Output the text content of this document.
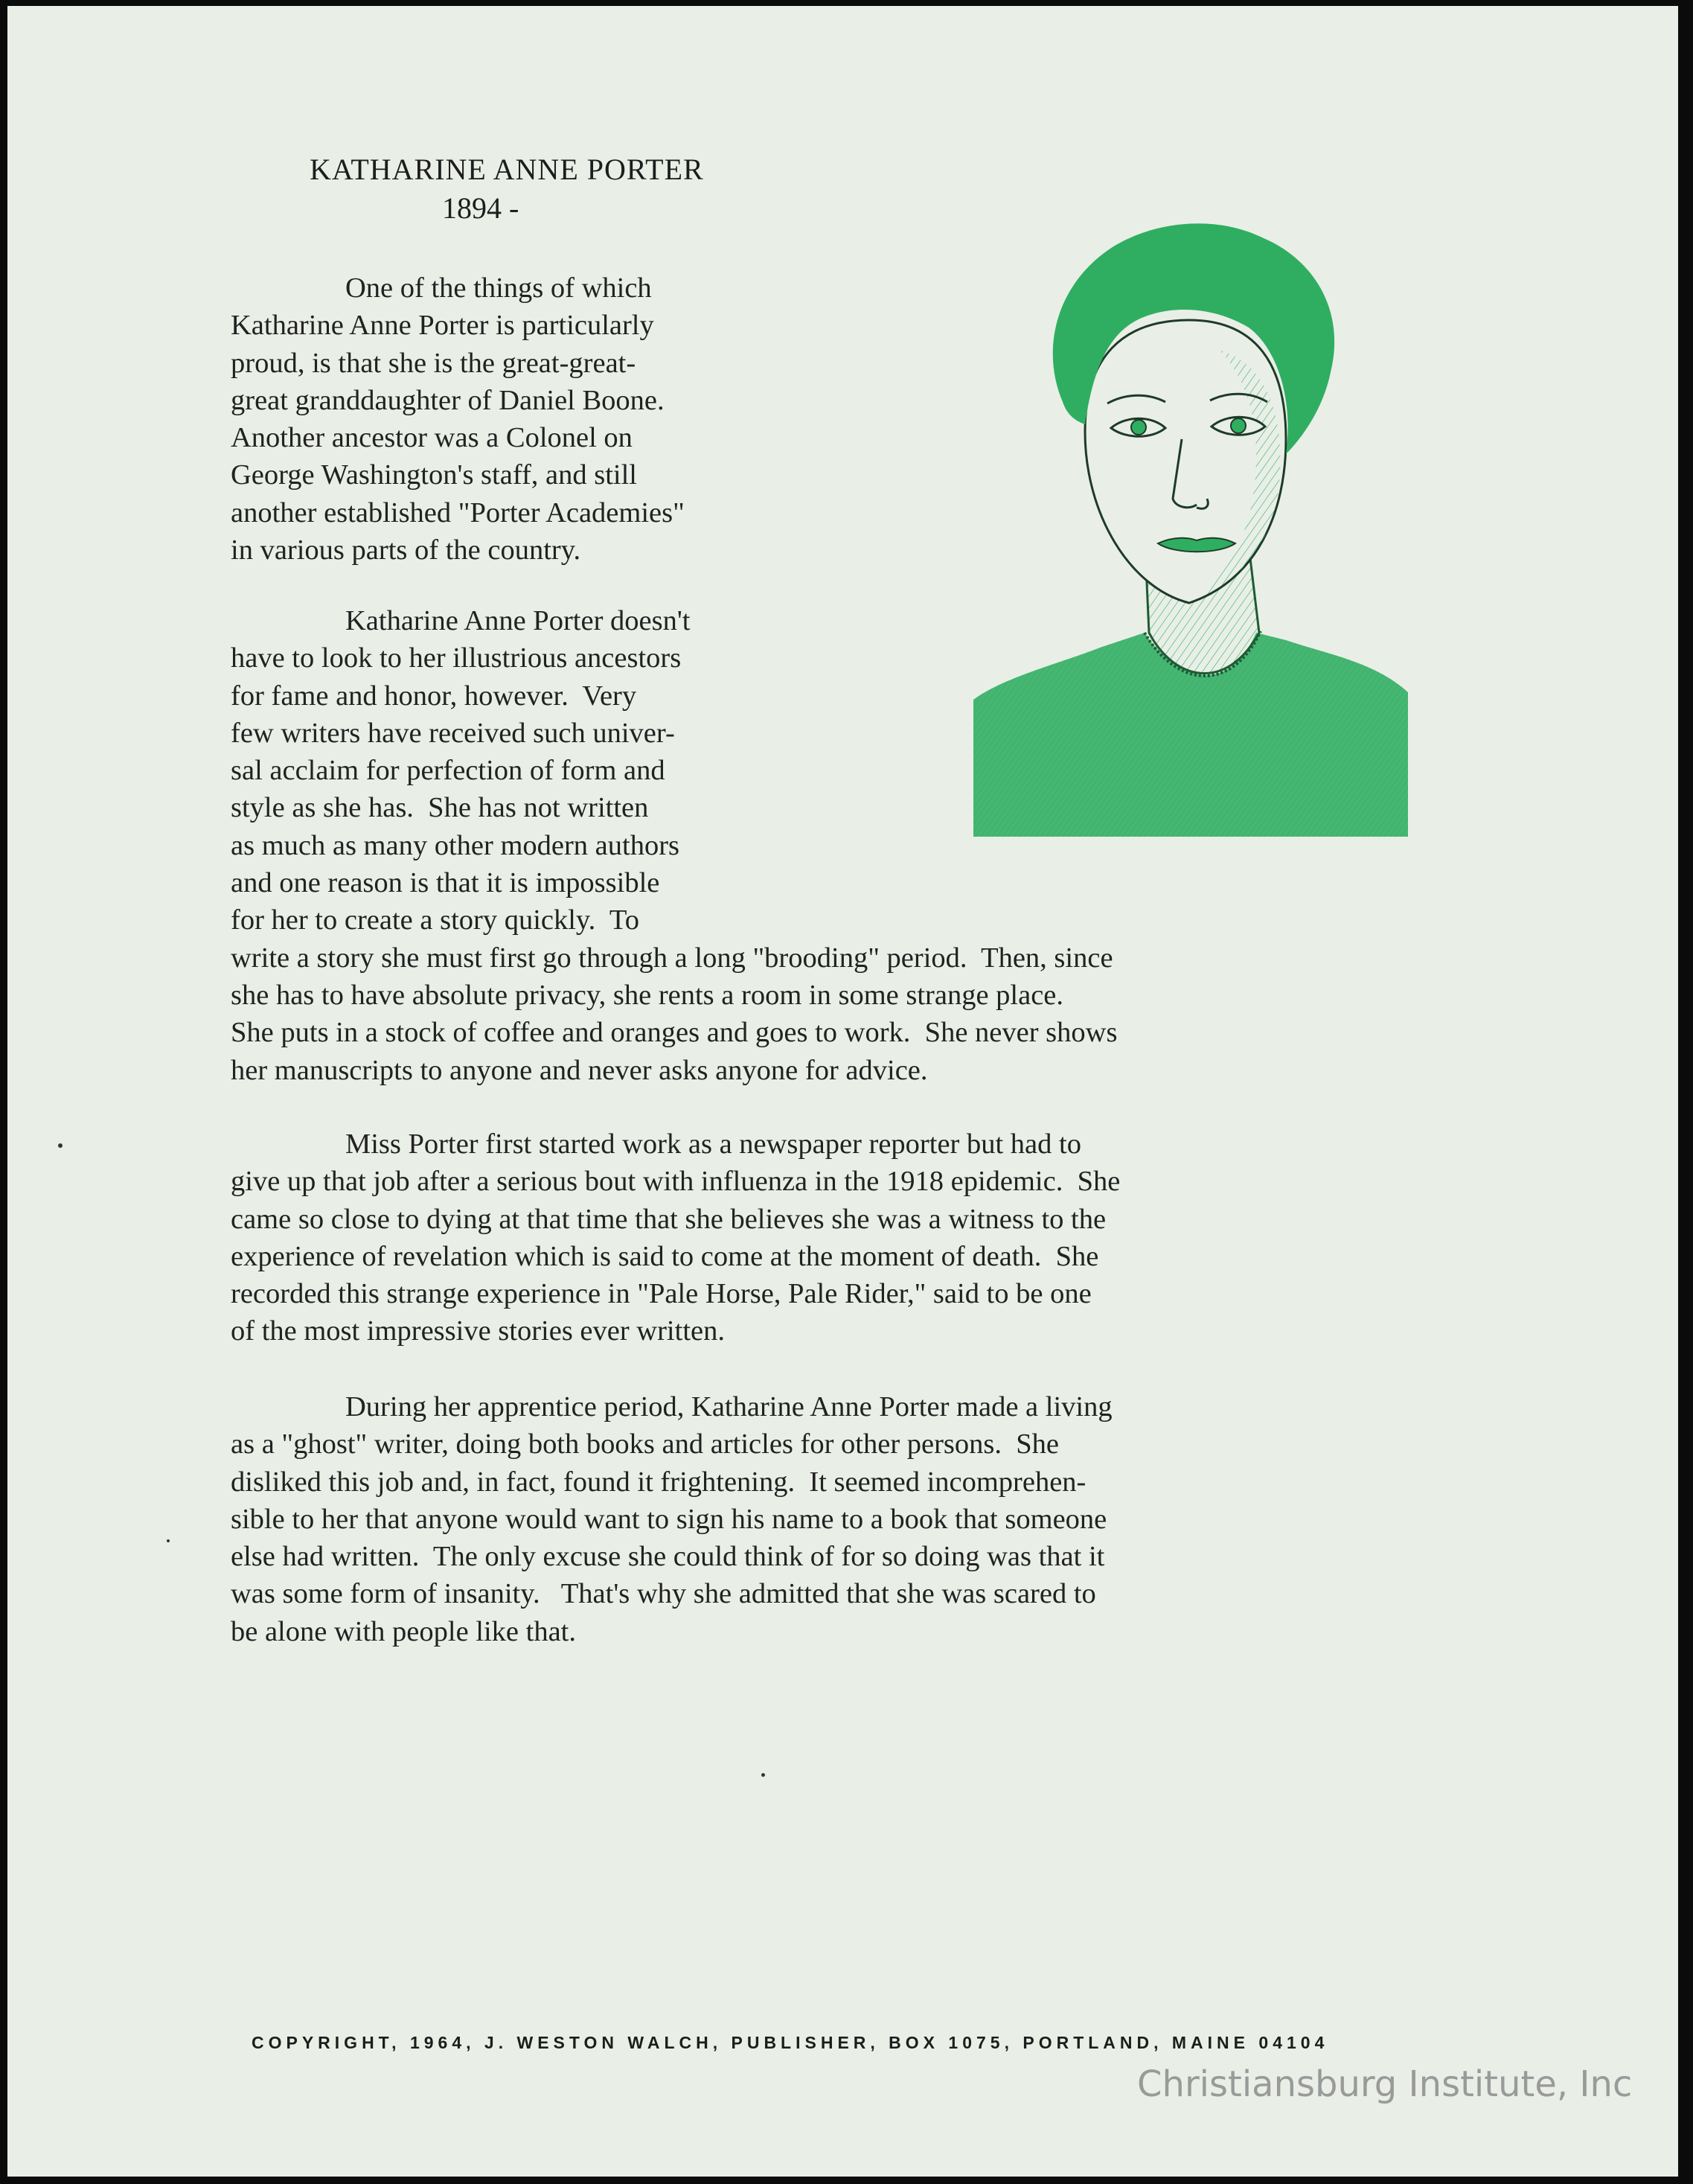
KATHARINE ANNE PORTER
1894 -
One of the things of which
Katharine Anne Porter is particularly
proud, is that she is the great-great-
great granddaughter of Daniel Boone.
Another ancestor was a Colonel on
George Washington's staff, and still
another established "Porter Academies"
in various parts of the country.
Katharine Anne Porter doesn't
have to look to her illustrious ancestors
for fame and honor, however.  Very
few writers have received such univer-
sal acclaim for perfection of form and
style as she has.  She has not written
as much as many other modern authors
and one reason is that it is impossible
for her to create a story quickly.  To
write a story she must first go through a long "brooding" period.  Then, since
she has to have absolute privacy, she rents a room in some strange place.
She puts in a stock of coffee and oranges and goes to work.  She never shows
her manuscripts to anyone and never asks anyone for advice.
Miss Porter first started work as a newspaper reporter but had to
give up that job after a serious bout with influenza in the 1918 epidemic.  She
came so close to dying at that time that she believes she was a witness to the
experience of revelation which is said to come at the moment of death.  She
recorded this strange experience in "Pale Horse, Pale Rider," said to be one
of the most impressive stories ever written.
During her apprentice period, Katharine Anne Porter made a living
as a "ghost" writer, doing both books and articles for other persons.  She
disliked this job and, in fact, found it frightening.  It seemed incomprehen-
sible to her that anyone would want to sign his name to a book that someone
else had written.  The only excuse she could think of for so doing was that it
was some form of insanity.   That's why she admitted that she was scared to
be alone with people like that.
COPYRIGHT, 1964, J. WESTON WALCH, PUBLISHER, BOX 1075, PORTLAND, MAINE 04104
Christiansburg Institute, Inc
